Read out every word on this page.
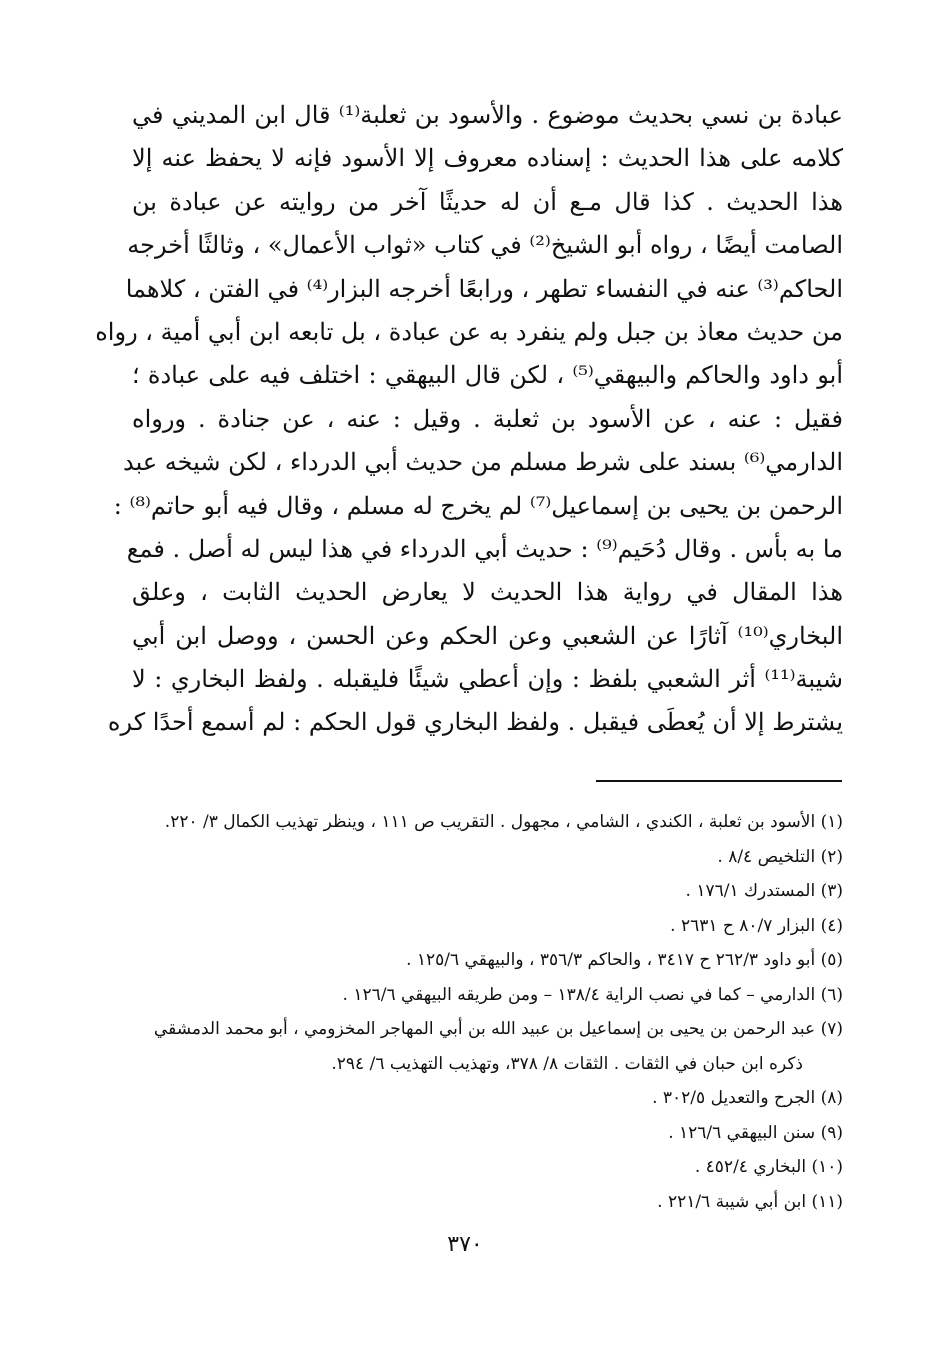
عبادة بن نسي بحديث موضوع . والأسود بن ثعلبة⁽¹⁾ قال ابن المديني في
كلامه على هذا الحديث : إسناده معروف إلا الأسود فإنه لا يحفظ عنه إلا
هذا الحديث . كذا قال مـع أن له حديثًا آخر من روايته عن عبادة بن
الصامت أيضًا ، رواه أبو الشيخ⁽²⁾ في كتاب «ثواب الأعمال» ، وثالثًا أخرجه
الحاكم⁽³⁾ عنه في النفساء تطهر ، ورابعًا أخرجه البزار⁽⁴⁾ في الفتن ، كلاهما
من حديث معاذ بن جبل ولم ينفرد به عن عبادة ، بل تابعه ابن أبي أمية ، رواه
أبو داود والحاكم والبيهقي⁽⁵⁾ ، لكن قال البيهقي : اختلف فيه على عبادة ؛
فقيل : عنه ، عن الأسود بن ثعلبة . وقيل : عنه ، عن جنادة . ورواه
الدارمي⁽⁶⁾ بسند على شرط مسلم من حديث أبي الدرداء ، لكن شيخه عبد
الرحمن بن يحيى بن إسماعيل⁽⁷⁾ لم يخرج له مسلم ، وقال فيه أبو حاتم⁽⁸⁾ :
ما به بأس . وقال دُحَيم⁽⁹⁾ : حديث أبي الدرداء في هذا ليس له أصل . فمع
هذا المقال في رواية هذا الحديث لا يعارض الحديث الثابت ، وعلق
البخاري⁽¹⁰⁾ آثارًا عن الشعبي وعن الحكم وعن الحسن ، ووصل ابن أبي
شيبة⁽¹¹⁾ أثر الشعبي بلفظ : وإن أعطي شيئًا فليقبله . ولفظ البخاري : لا
يشترط إلا أن يُعطَى فيقبل . ولفظ البخاري قول الحكم : لم أسمع أحدًا كره
(١) الأسود بن ثعلبة ، الكندي ، الشامي ، مجهول . التقريب ص ١١١ ، وينظر تهذيب الكمال ٣/ ٢٢٠.
(٢) التلخيص ٨/٤ .
(٣) المستدرك ١٧٦/١ .
(٤) البزار ٨٠/٧ ح ٢٦٣١ .
(٥) أبو داود ٢٦٢/٣ ح ٣٤١٧ ، والحاكم ٣٥٦/٣ ، والبيهقي ١٢٥/٦ .
(٦) الدارمي – كما في نصب الراية ١٣٨/٤ – ومن طريقه البيهقي ١٢٦/٦ .
(٧) عبد الرحمن بن يحيى بن إسماعيل بن عبيد الله بن أبي المهاجر المخزومي ، أبو محمد الدمشقي
ذكره ابن حبان في الثقات . الثقات ٨/ ٣٧٨، وتهذيب التهذيب ٦/ ٢٩٤.
(٨) الجرح والتعديل ٣٠٢/٥ .
(٩) سنن البيهقي ١٢٦/٦ .
(١٠) البخاري ٤٥٢/٤ .
(١١) ابن أبي شيبة ٢٢١/٦ .
٣٧٠
